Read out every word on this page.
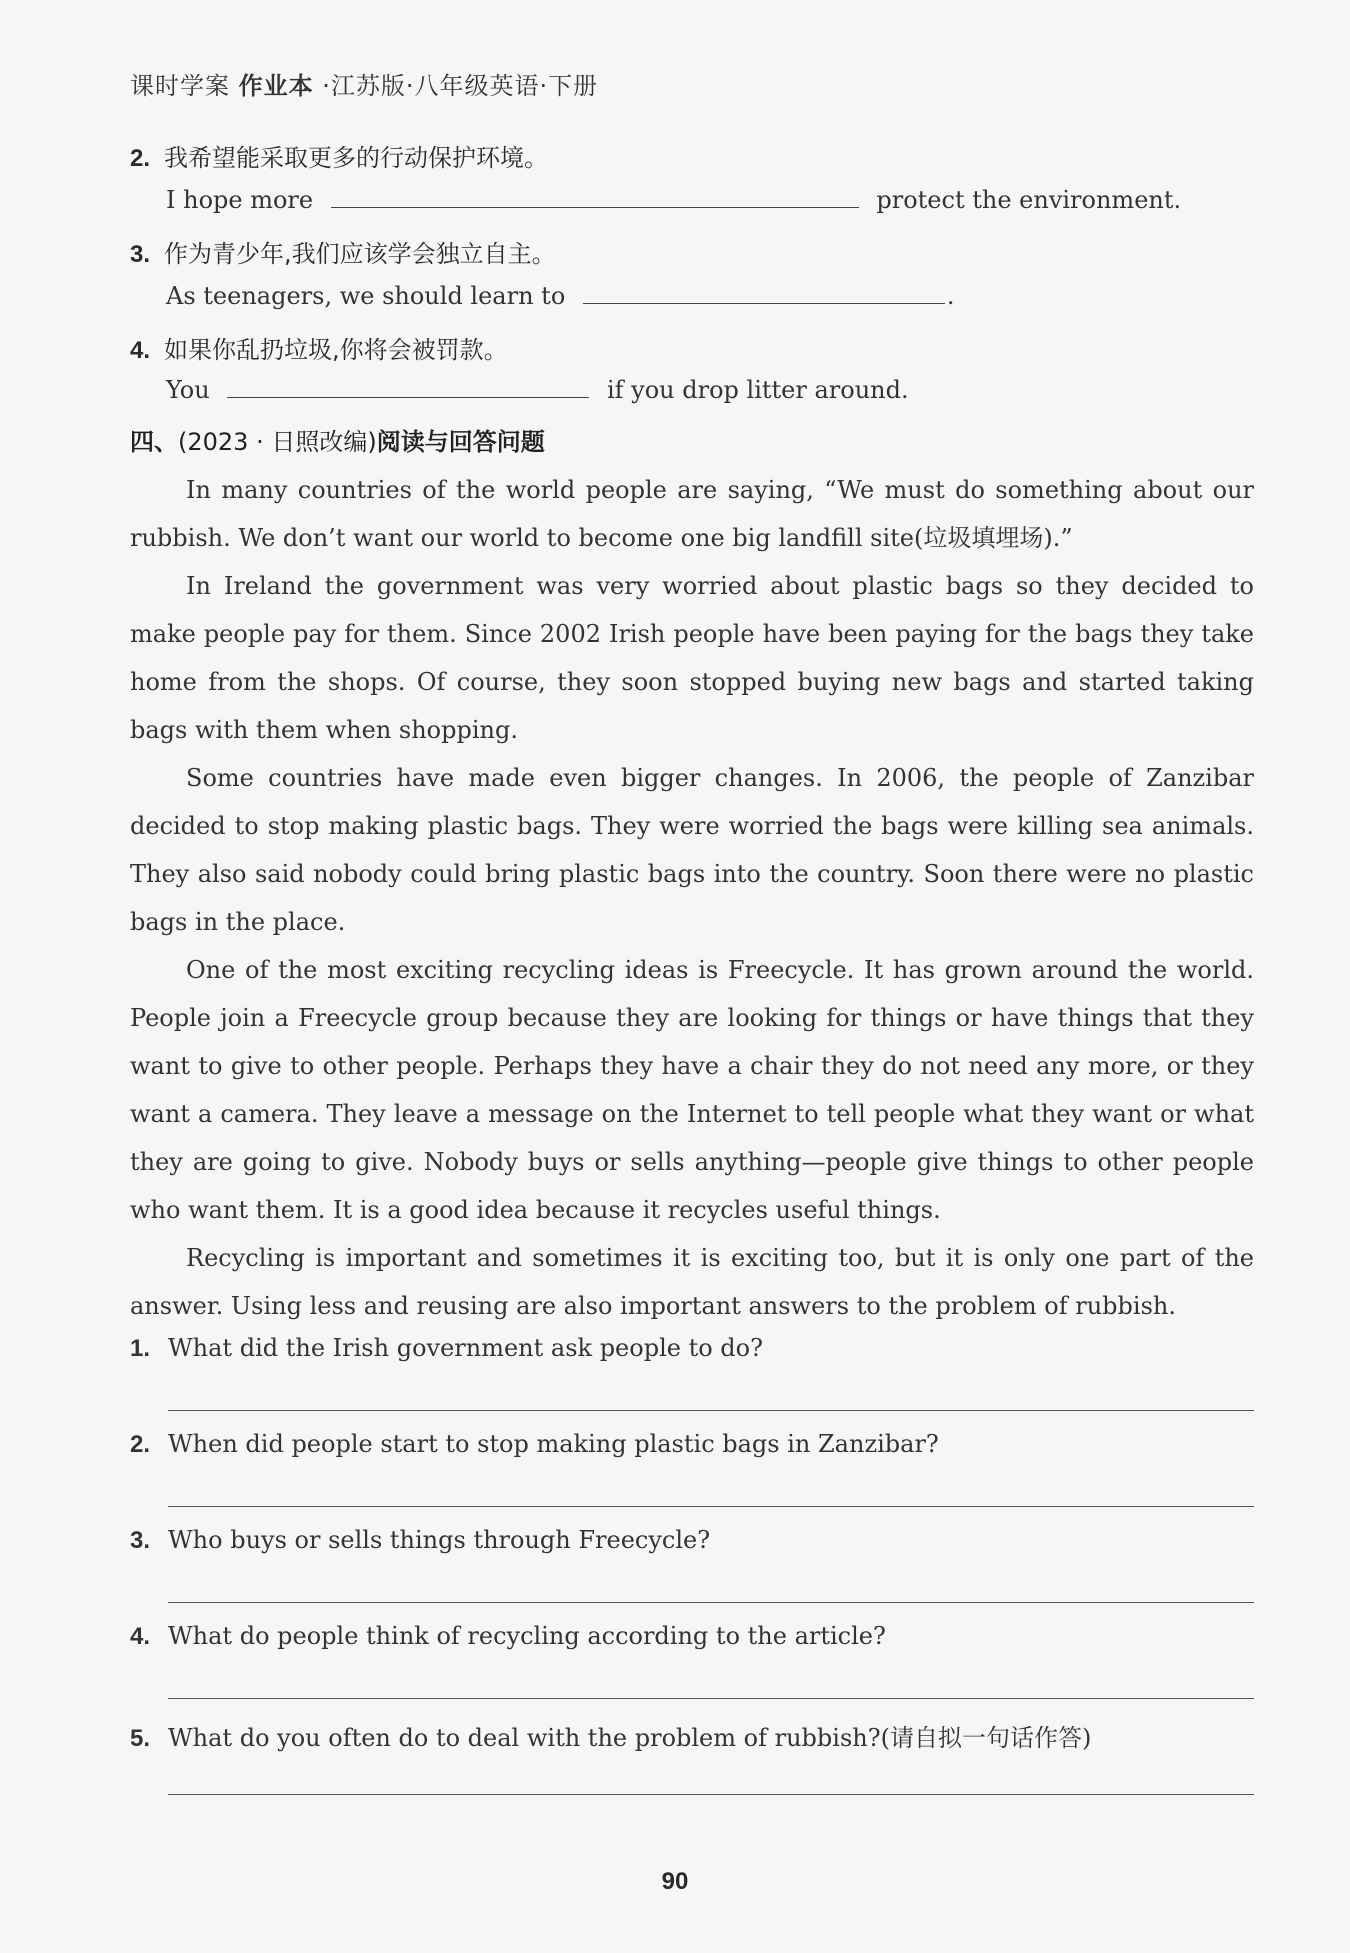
课时学案 作业本 ·江苏版·八年级英语·下册
2. 我希望能采取更多的行动保护环境。
I hope more	protect the environment.
3. 作为青少年,我们应该学会独立自主。
As teenagers, we should learn to	.
4. 如果你乱扔垃圾,你将会被罚款。
You	if you drop litter around.
四、(2023 · 日照改编)阅读与回答问题

In many countries of the world people are saying, “We must do something about our rubbish. We don’t want our world to become one big landfill site(垃圾填埋场).”

In Ireland the government was very worried about plastic bags so they decided to make people pay for them. Since 2002 Irish people have been paying for the bags they take home from the shops. Of course, they soon stopped buying new bags and started taking bags with them when shopping.

Some countries have made even bigger changes. In 2006, the people of Zanzibar decided to stop making plastic bags. They were worried the bags were killing sea animals. They also said nobody could bring plastic bags into the country. Soon there were no plastic bags in the place.

One of the most exciting recycling ideas is Freecycle. It has grown around the world. People join a Freecycle group because they are looking for things or have things that they want to give to other people. Perhaps they have a chair they do not need any more, or they want a camera. They leave a message on the Internet to tell people what they want or what they are going to give. Nobody buys or sells anything—people give things to other people who want them. It is a good idea because it recycles useful things.

Recycling is important and sometimes it is exciting too, but it is only one part of the answer. Using less and reusing are also important answers to the problem of rubbish.

1. What did the Irish government ask people to do?
2. When did people start to stop making plastic bags in Zanzibar?
3. Who buys or sells things through Freecycle?
4. What do people think of recycling according to the article?
5. What do you often do to deal with the problem of rubbish?(请自拟一句话作答)
90
